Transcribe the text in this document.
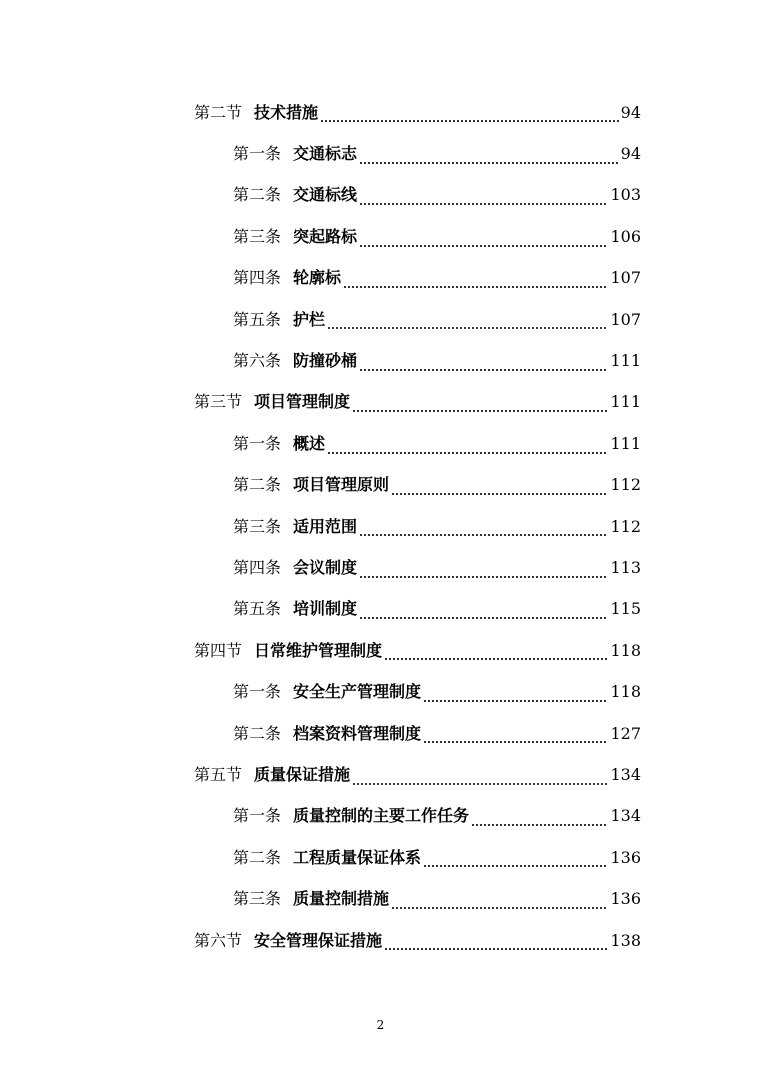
第二节 技术措施	94
第一条 交通标志	94
第二条 交通标线	103
第三条 突起路标	106
第四条 轮廓标	107
第五条 护栏	107
第六条 防撞砂桶	111
第三节 项目管理制度	111
第一条 概述	111
第二条 项目管理原则	112
第三条 适用范围	112
第四条 会议制度	113
第五条 培训制度	115
第四节 日常维护管理制度	118
第一条 安全生产管理制度	118
第二条 档案资料管理制度	127
第五节 质量保证措施	134
第一条 质量控制的主要工作任务	134
第二条 工程质量保证体系	136
第三条 质量控制措施	136
第六节 安全管理保证措施	138
2
